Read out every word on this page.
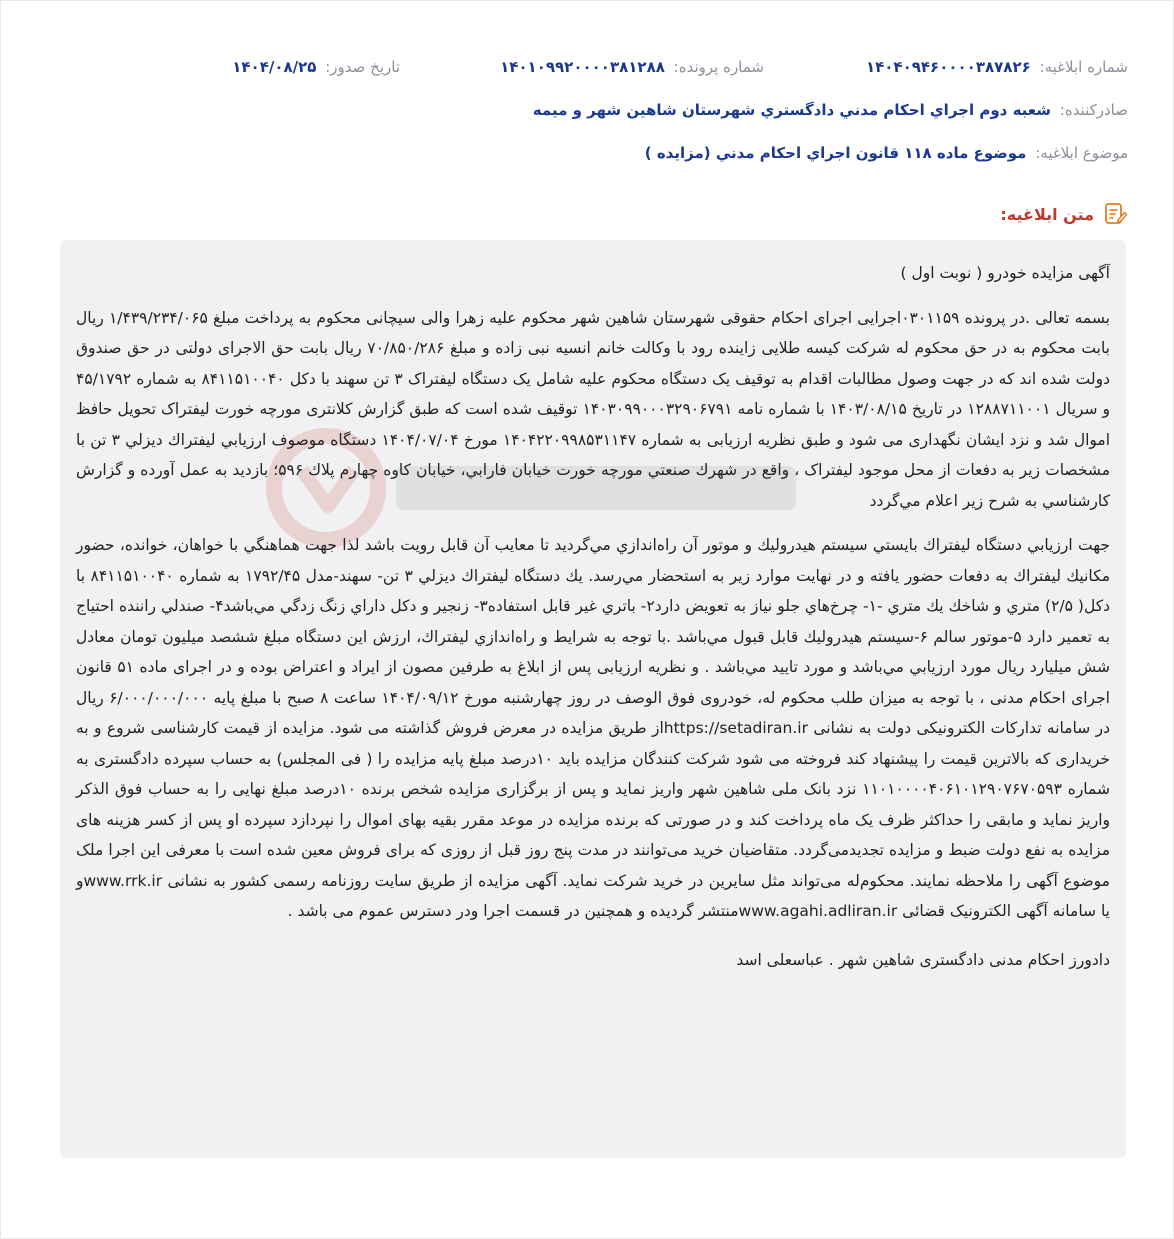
شماره ابلاغیه: ۱۴۰۴۰۹۴۶۰۰۰۰۳۸۷۸۲۶
شماره پرونده: ۱۴۰۱۰۹۹۲۰۰۰۰۳۸۱۲۸۸
تاریخ صدور: ۱۴۰۴/۰۸/۲۵
صادرکننده: شعبه دوم اجراي احكام مدني دادگستري شهرستان شاهين شهر و ميمه
موضوع ابلاغیه: موضوع ماده ۱۱۸ قانون اجراي احكام مدني (مزايده )
متن ابلاغیه:

آگهی مزایده خودرو ( نوبت اول )

بسمه تعالی .در پرونده ۰۳۰۱۱۵۹اجرایی اجرای احکام حقوقی شهرستان شاهین شهر محکوم علیه زهرا والی سیچانی محکوم به پرداخت مبلغ ۱/۴۳۹/۲۳۴/۰۶۵ ریال بابت محکوم به در حق محکوم له شرکت کیسه طلایی زاینده رود با وکالت خانم انسیه نبی زاده و مبلغ ۷۰/۸۵۰/۲۸۶ ریال بابت حق الاجرای دولتی در حق صندوق دولت شده اند که در جهت وصول مطالبات اقدام به توقیف یک دستگاه محکوم علیه شامل یک دستگاه لیفتراک ۳ تن سهند با دکل ۸۴۱۱۵۱۰۰۴۰ به شماره ۴۵/۱۷۹۲ و سریال ۱۲۸۸۷۱۱۰۰۱ در تاریخ ۱۴۰۳/۰۸/۱۵ با شماره نامه ۱۴۰۳۰۹۹۰۰۰۳۲۹۰۶۷۹۱ توقیف شده است که طبق گزارش کلانتری مورچه خورت لیفتراک تحویل حافظ اموال شد و نزد ایشان نگهداری می شود و طبق نظریه ارزیابی به شماره ۱۴۰۴۲۲۰۹۹۸۵۳۱۱۴۷ مورخ ۱۴۰۴/۰۷/۰۴ دستگاه موصوف ارزيابي ليفتراك ديزلي ۳ تن با مشخصات زیر به دفعات از محل موجود لیفتراک ، واقع در شهرك صنعتي مورچه خورت خيابان فارابي، خيابان كاوه چهارم پلاك ۵۹۶؛ بازديد به عمل آورده و گزارش كارشناسي به شرح زير اعلام مي‌گردد

جهت ارزيابي دستگاه ليفتراك بايستي سيستم هيدروليك و موتور آن راه‌اندازي مي‌گرديد تا معايب آن قابل رويت باشد لذا جهت هماهنگي با خواهان، خوانده، حضور مكانيك ليفتراك به دفعات حضور يافته و در نهايت موارد زير به استحضار مي‌رسد. يك دستگاه ليفتراك ديزلي ۳ تن- سهند-مدل ۱۷۹۲/۴۵ به شماره ۸۴۱۱۵۱۰۰۴۰ با دكل( ۲/۵) متري و شاخك يك متري -۱- چرخ‌هاي جلو نياز به تعويض دارد۲- باتري غير قابل استفاده۳- زنجير و دكل داراي زنگ زدگي مي‌باشد۴- صندلي راننده احتياج به تعمير دارد ۵-موتور سالم ۶-سيستم هيدروليك قابل قبول مي‌باشد .با توجه به شرايط و راه‌اندازي ليفتراك، ارزش اين دستگاه مبلغ ششصد ميليون تومان معادل شش ميليارد ريال مورد ارزيابي مي‌باشد و مورد تاييد مي‌باشد . و نظریه ارزیابی پس از ابلاغ به طرفین مصون از ایراد و اعتراض بوده و در اجرای ماده ۵۱ قانون اجرای احکام مدنی ، با توجه به میزان طلب محکوم له، خودروی فوق الوصف در روز چهارشنبه مورخ ۱۴۰۴/۰۹/۱۲ ساعت ۸ صبح با مبلغ پایه ۶/۰۰۰/۰۰۰/۰۰۰ ریال در سامانه تدارکات الکترونیکی دولت به نشانی https://setadiran.irاز طریق مزایده در معرض فروش گذاشته می شود. مزایده از قیمت کارشناسی شروع و به خریداری که بالاترین قیمت را پیشنهاد کند فروخته می شود شرکت کنندگان مزایده باید ۱۰درصد مبلغ پایه مزایده را ( فی المجلس) به حساب سپرده دادگستری به شماره ۱۱۰۱۰۰۰۰۴۰۶۱۰۱۲۹۰۷۶۷۰۵۹۳ نزد بانک ملی شاهین شهر واریز نماید و پس از برگزاری مزایده شخص برنده ۱۰درصد مبلغ نهایی را به حساب فوق الذکر واریز نماید و مابقی را حداکثر ظرف یک ماه پرداخت کند و در صورتی که برنده مزایده در موعد مقرر بقیه بهای اموال را نپردازد سپرده او پس از کسر هزینه های مزایده به نفع دولت ضبط و مزایده تجدیدمی‌گردد. متقاضیان خرید می‌توانند در مدت پنج روز قبل از روزی که برای فروش معین شده است با معرفی این اجرا ملک موضوع آگهی را ملاحظه نمایند. محکوم‌له می‌تواند مثل سایرین در خرید شرکت نماید. آگهی مزایده از طریق سایت روزنامه رسمی کشور به نشانی www.rrk.irو یا سامانه آگهی الکترونیک قضائی www.agahi.adliran.irمنتشر گردیده و همچنین در قسمت اجرا ودر دسترس عموم می باشد .

دادورز احکام مدنی دادگستری شاهین شهر . عباسعلی اسد
